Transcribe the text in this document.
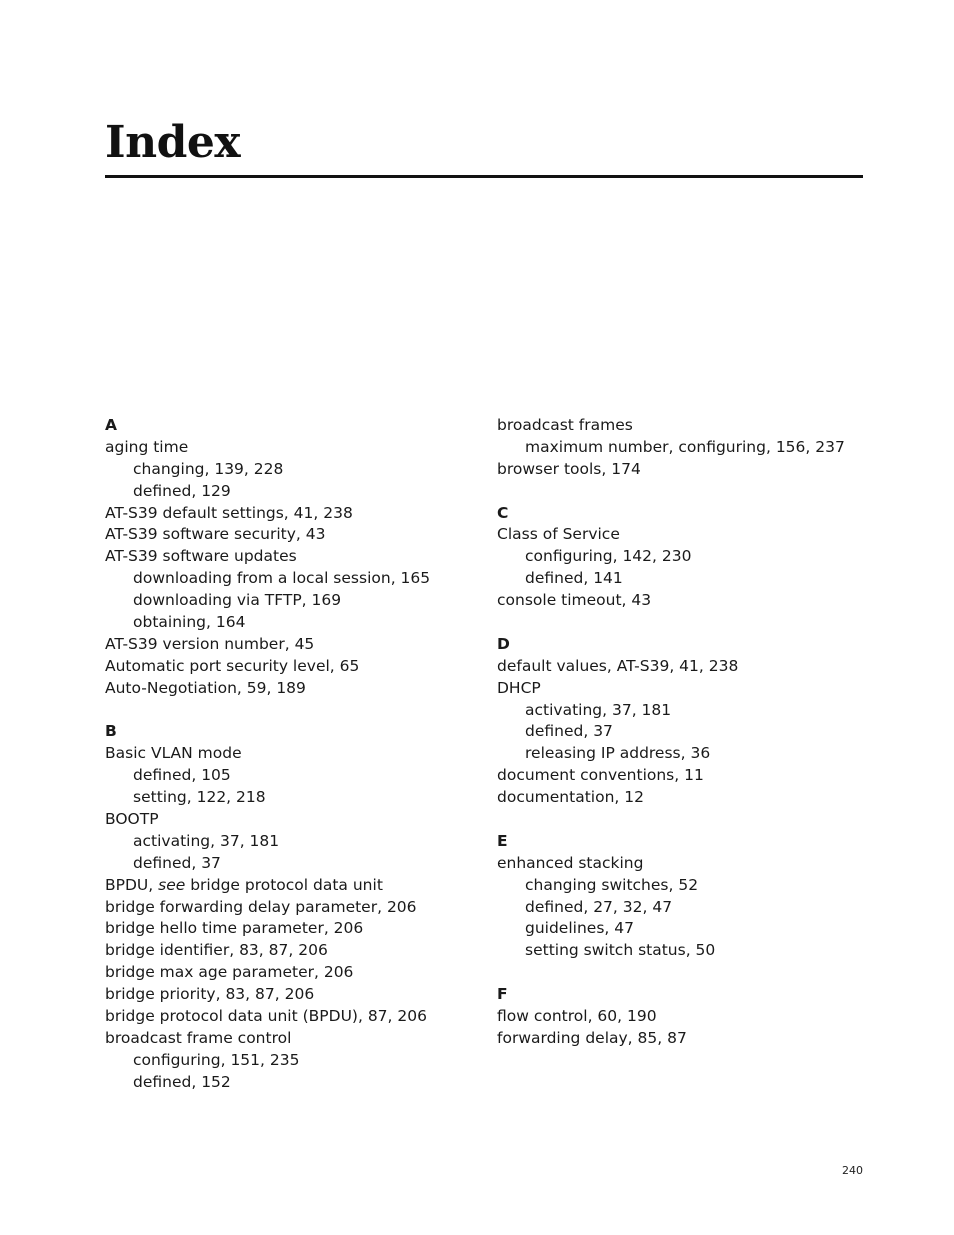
Index
A
aging time
changing, 139, 228
defined, 129
AT-S39 default settings, 41, 238
AT-S39 software security, 43
AT-S39 software updates
downloading from a local session, 165
downloading via TFTP, 169
obtaining, 164
AT-S39 version number, 45
Automatic port security level, 65
Auto-Negotiation, 59, 189
B
Basic VLAN mode
defined, 105
setting, 122, 218
BOOTP
activating, 37, 181
defined, 37
BPDU, see bridge protocol data unit
bridge forwarding delay parameter, 206
bridge hello time parameter, 206
bridge identifier, 83, 87, 206
bridge max age parameter, 206
bridge priority, 83, 87, 206
bridge protocol data unit (BPDU), 87, 206
broadcast frame control
configuring, 151, 235
defined, 152
broadcast frames
maximum number, configuring, 156, 237
browser tools, 174
C
Class of Service
configuring, 142, 230
defined, 141
console timeout, 43
D
default values, AT-S39, 41, 238
DHCP
activating, 37, 181
defined, 37
releasing IP address, 36
document conventions, 11
documentation, 12
E
enhanced stacking
changing switches, 52
defined, 27, 32, 47
guidelines, 47
setting switch status, 50
F
flow control, 60, 190
forwarding delay, 85, 87
240
